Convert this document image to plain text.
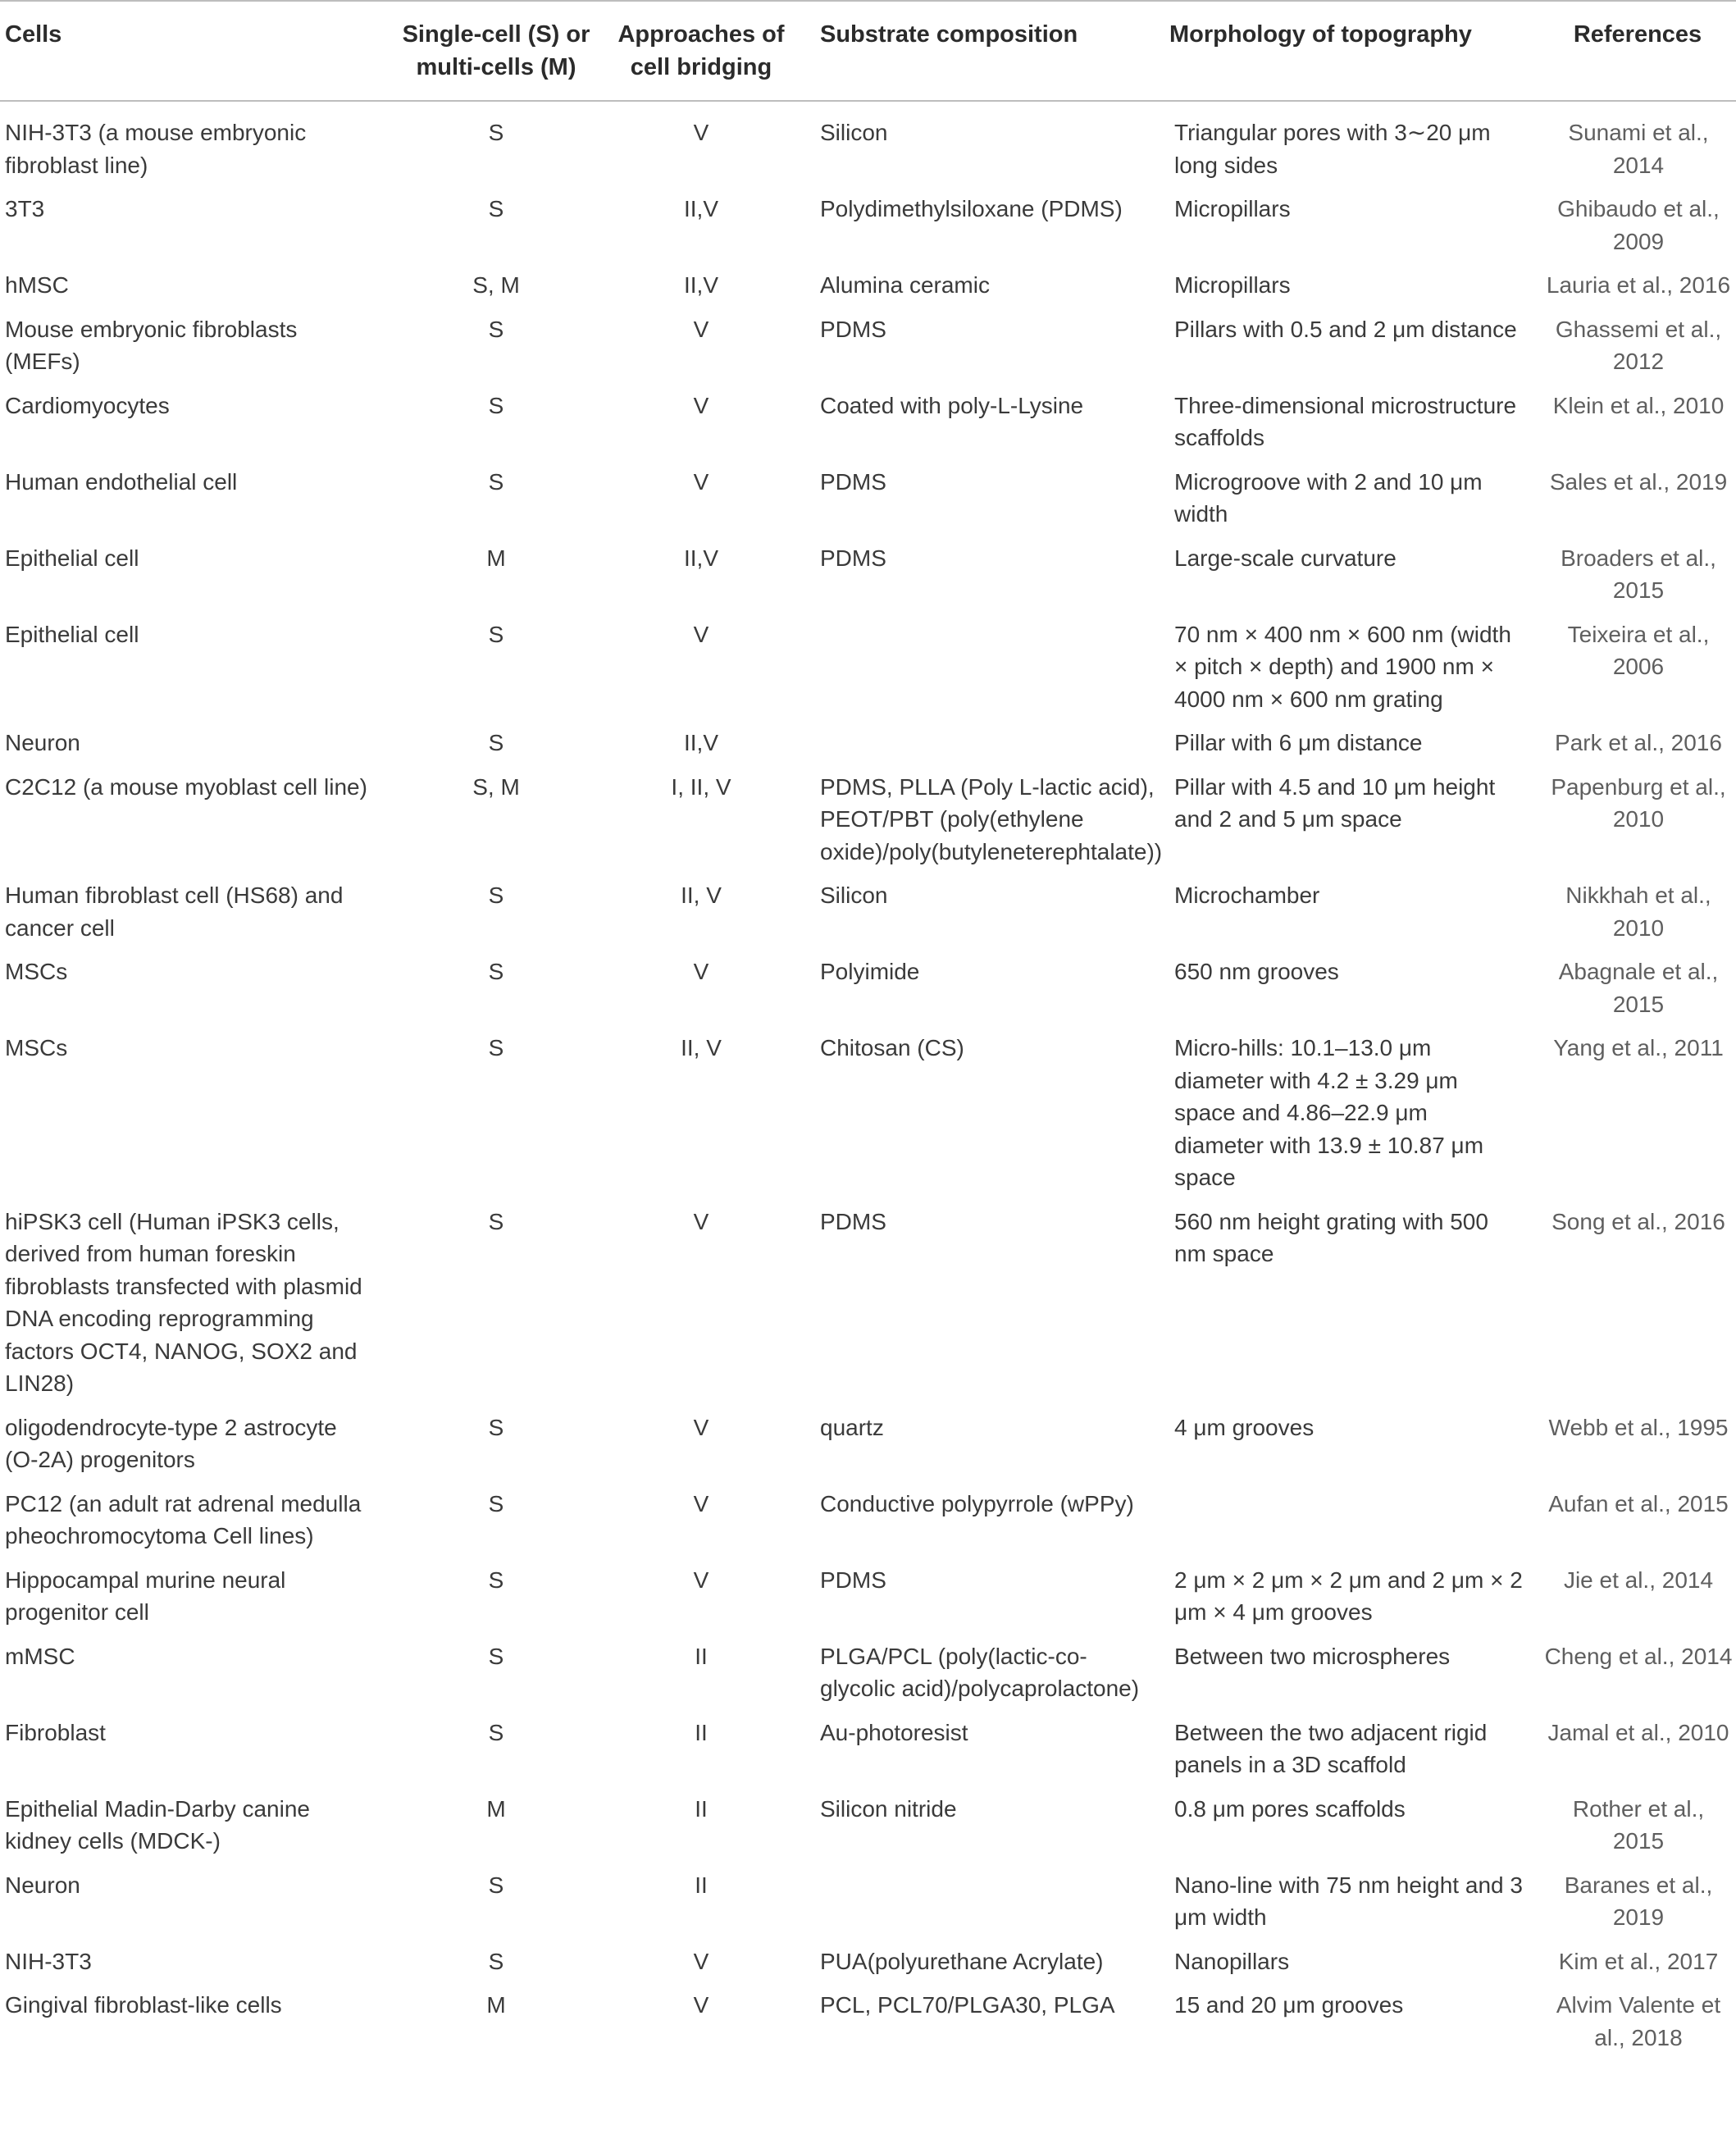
Cells	Single-cell (S) or multi-cells (M)	Approaches of cell bridging	Substrate composition	Morphology of topography	References
NIH-3T3 (a mouse embryonic fibroblast line)	S	V	Silicon	Triangular pores with 3∼20 μm long sides	Sunami et al., 2014
3T3	S	II,V	Polydimethylsiloxane (PDMS)	Micropillars	Ghibaudo et al., 2009
hMSC	S, M	II,V	Alumina ceramic	Micropillars	Lauria et al., 2016
Mouse embryonic fibroblasts (MEFs)	S	V	PDMS	Pillars with 0.5 and 2 μm distance	Ghassemi et al., 2012
Cardiomyocytes	S	V	Coated with poly-L-Lysine	Three-dimensional microstructure scaffolds	Klein et al., 2010
Human endothelial cell	S	V	PDMS	Microgroove with 2 and 10 μm width	Sales et al., 2019
Epithelial cell	M	II,V	PDMS	Large-scale curvature	Broaders et al., 2015
Epithelial cell	S	V		70 nm × 400 nm × 600 nm (width × pitch × depth) and 1900 nm × 4000 nm × 600 nm grating	Teixeira et al., 2006
Neuron	S	II,V		Pillar with 6 μm distance	Park et al., 2016
C2C12 (a mouse myoblast cell line)	S, M	I, II, V	PDMS, PLLA (Poly L-lactic acid), PEOT/PBT (poly(ethylene oxide)/poly(butyleneterephtalate))	Pillar with 4.5 and 10 μm height and 2 and 5 μm space	Papenburg et al., 2010
Human fibroblast cell (HS68) and cancer cell	S	II, V	Silicon	Microchamber	Nikkhah et al., 2010
MSCs	S	V	Polyimide	650 nm grooves	Abagnale et al., 2015
MSCs	S	II, V	Chitosan (CS)	Micro-hills: 10.1–13.0 μm diameter with 4.2 ± 3.29 μm space and 4.86–22.9 μm diameter with 13.9 ± 10.87 μm space	Yang et al., 2011
hiPSK3 cell (Human iPSK3 cells, derived from human foreskin fibroblasts transfected with plasmid DNA encoding reprogramming factors OCT4, NANOG, SOX2 and LIN28)	S	V	PDMS	560 nm height grating with 500 nm space	Song et al., 2016
oligodendrocyte-type 2 astrocyte (O-2A) progenitors	S	V	quartz	4 μm grooves	Webb et al., 1995
PC12 (an adult rat adrenal medulla pheochromocytoma Cell lines)	S	V	Conductive polypyrrole (wPPy)		Aufan et al., 2015
Hippocampal murine neural progenitor cell	S	V	PDMS	2 μm × 2 μm × 2 μm and 2 μm × 2 μm × 4 μm grooves	Jie et al., 2014
mMSC	S	II	PLGA/PCL (poly(lactic-co-glycolic acid)/polycaprolactone)	Between two microspheres	Cheng et al., 2014
Fibroblast	S	II	Au-photoresist	Between the two adjacent rigid panels in a 3D scaffold	Jamal et al., 2010
Epithelial Madin-Darby canine kidney cells (MDCK-)	M	II	Silicon nitride	0.8 μm pores scaffolds	Rother et al., 2015
Neuron	S	II		Nano-line with 75 nm height and 3 μm width	Baranes et al., 2019
NIH-3T3	S	V	PUA(polyurethane Acrylate)	Nanopillars	Kim et al., 2017
Gingival fibroblast-like cells	M	V	PCL, PCL70/PLGA30, PLGA	15 and 20 μm grooves	Alvim Valente et al., 2018
